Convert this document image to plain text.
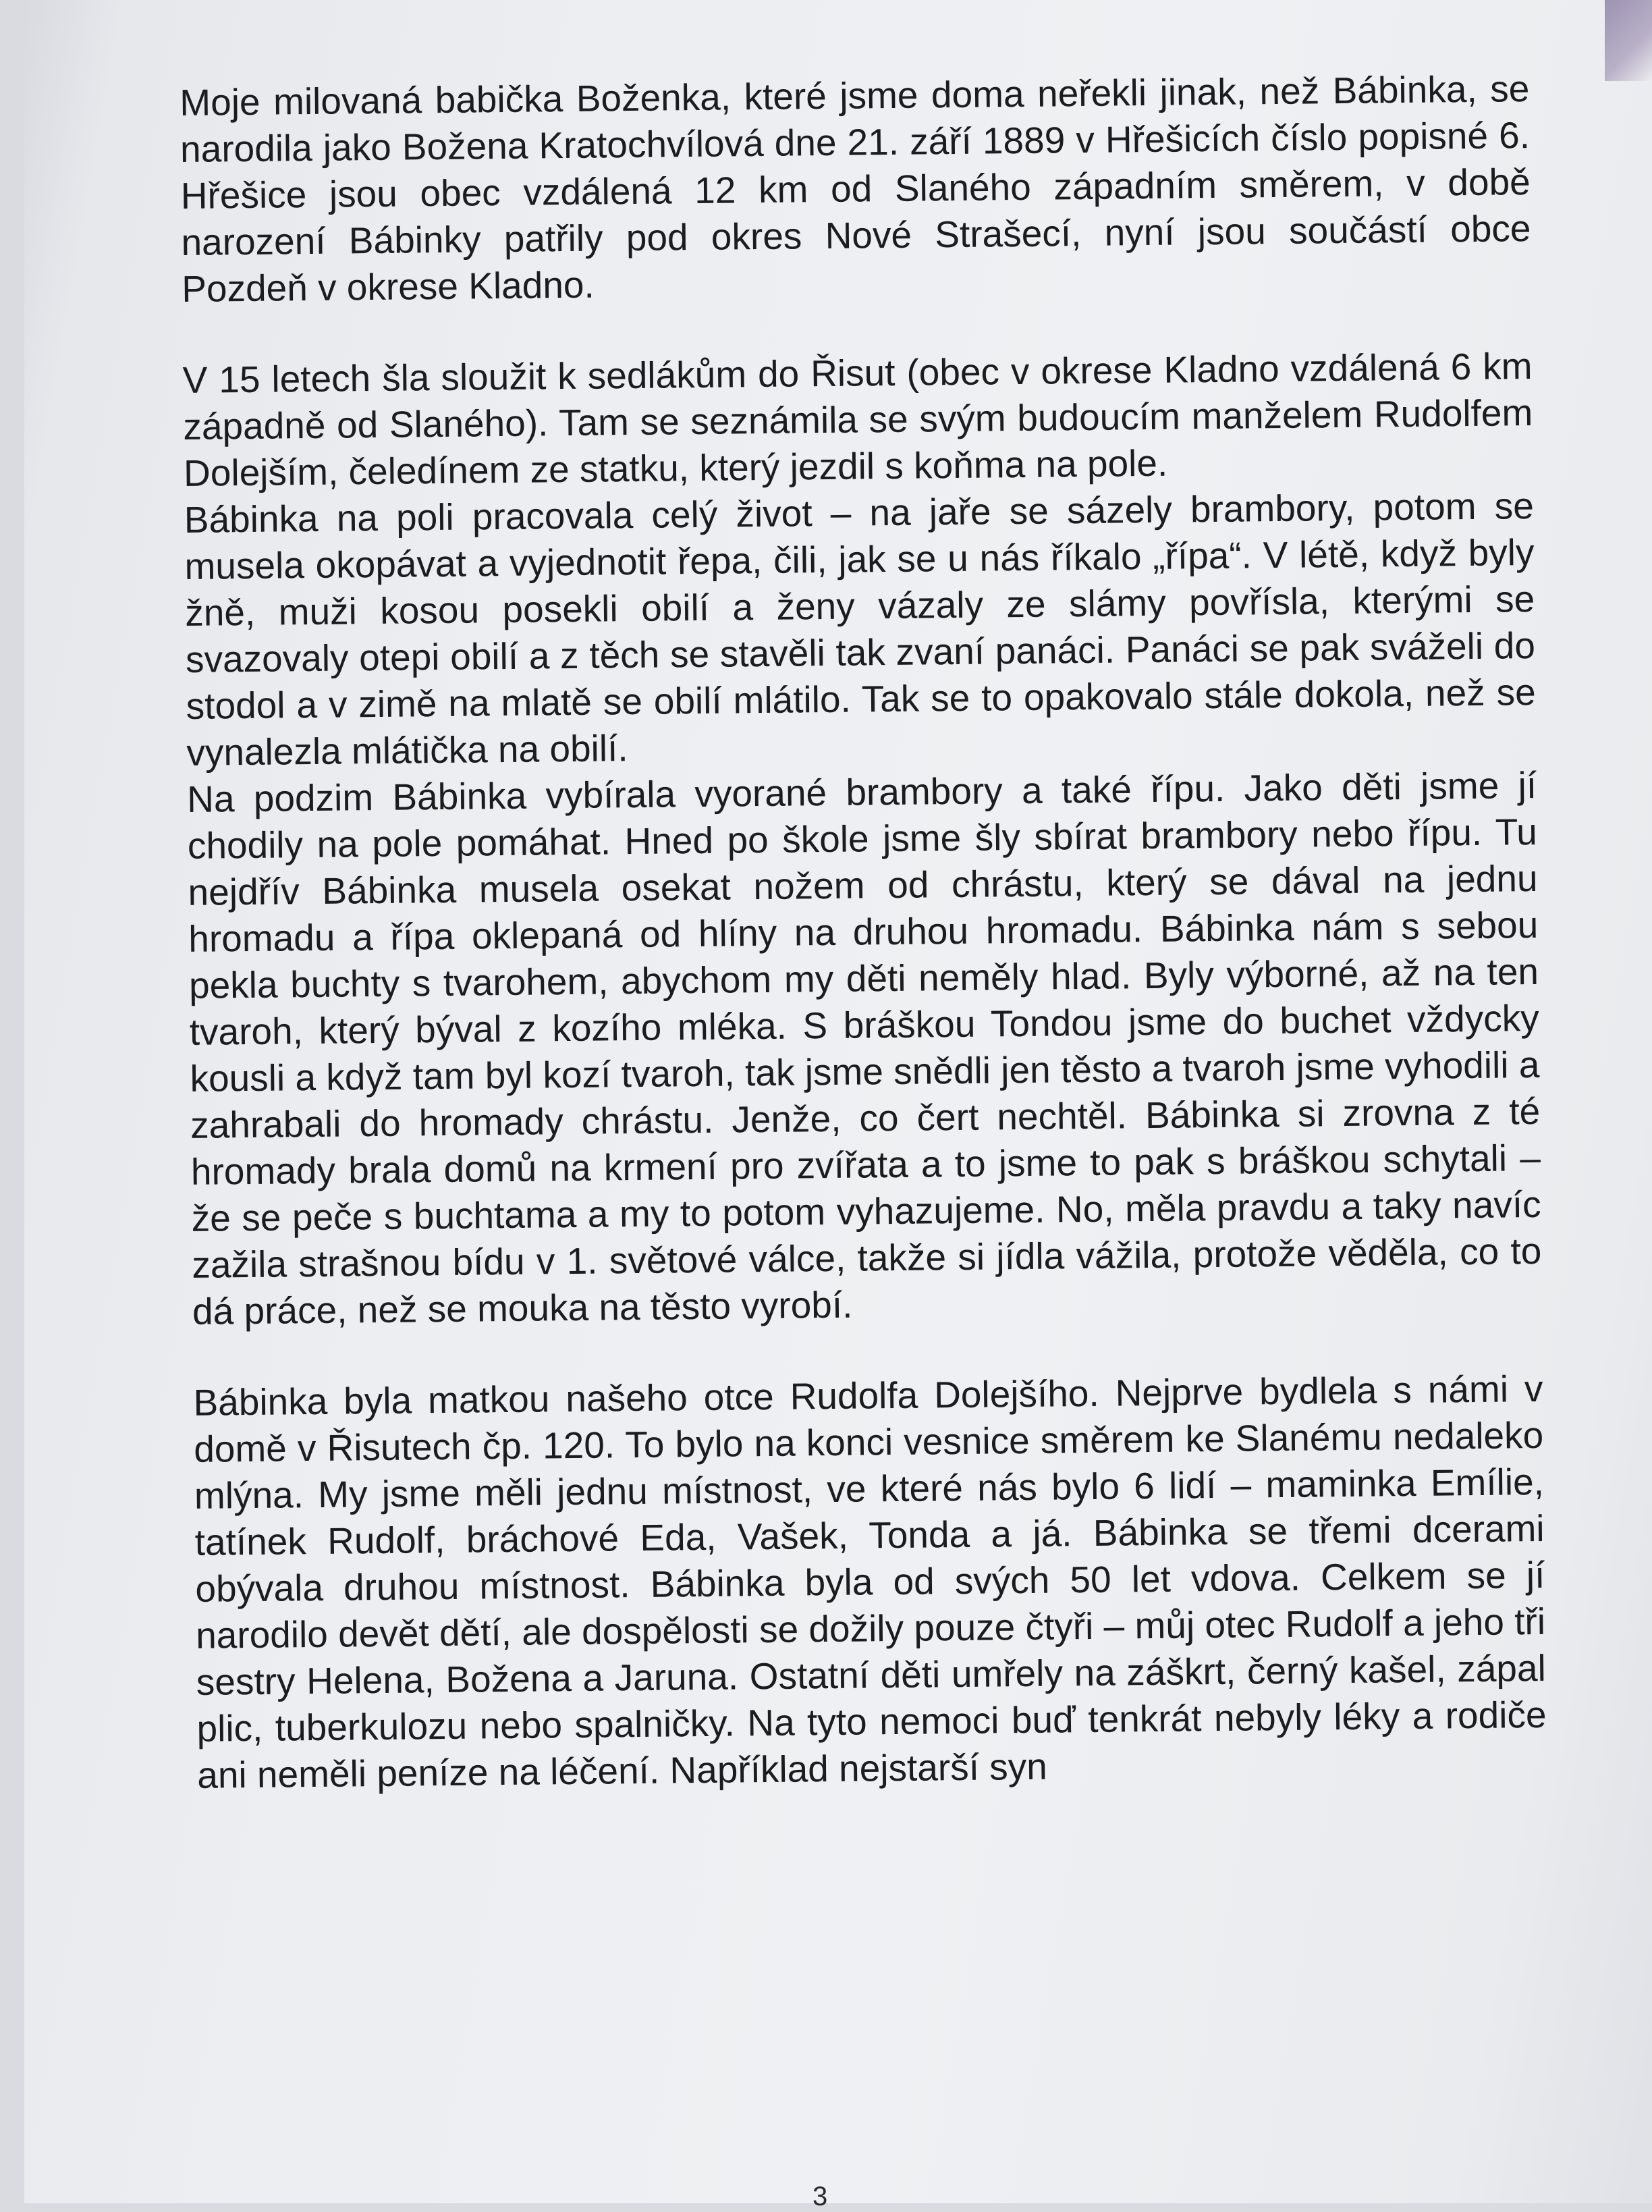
Moje milovaná babička Boženka, které jsme doma neřekli jinak, než Bábinka, se narodila jako Božena Kratochvílová dne 21. září 1889 v Hřešicích číslo popisné 6. Hřešice jsou obec vzdálená 12 km od Slaného západním směrem, v době narození Bábinky patřily pod okres Nové Strašecí, nyní jsou součástí obce Pozdeň v okrese Kladno.

V 15 letech šla sloužit k sedlákům do Řisut (obec v okrese Kladno vzdálená 6 km západně od Slaného). Tam se seznámila se svým budoucím manželem Rudolfem Dolejším, čeledínem ze statku, který jezdil s koňma na pole.

Bábinka na poli pracovala celý život – na jaře se sázely brambory, potom se musela okopávat a vyjednotit řepa, čili, jak se u nás říkalo „řípa“. V létě, když byly žně, muži kosou posekli obilí a ženy vázaly ze slámy povřísla, kterými se svazovaly otepi obilí a z těch se stavěli tak zvaní panáci. Panáci se pak sváželi do stodol a v zimě na mlatě se obilí mlátilo. Tak se to opakovalo stále dokola, než se vynalezla mlátička na obilí.

Na podzim Bábinka vybírala vyorané brambory a také řípu. Jako děti jsme jí chodily na pole pomáhat. Hned po škole jsme šly sbírat brambory nebo řípu. Tu nejdřív Bábinka musela osekat nožem od chrástu, který se dával na jednu hromadu a řípa oklepaná od hlíny na druhou hromadu. Bábinka nám s sebou pekla buchty s tvarohem, abychom my děti neměly hlad. Byly výborné, až na ten tvaroh, který býval z kozího mléka. S bráškou Tondou jsme do buchet vždycky kousli a když tam byl kozí tvaroh, tak jsme snědli jen těsto a tvaroh jsme vyhodili a zahrabali do hromady chrástu. Jenže, co čert nechtěl. Bábinka si zrovna z té hromady brala domů na krmení pro zvířata a to jsme to pak s bráškou schytali – že se peče s buchtama a my to potom vyhazujeme. No, měla pravdu a taky navíc zažila strašnou bídu v 1. světové válce, takže si jídla vážila, protože věděla, co to dá práce, než se mouka na těsto vyrobí.

Bábinka byla matkou našeho otce Rudolfa Dolejšího. Nejprve bydlela s námi v domě v Řisutech čp. 120. To bylo na konci vesnice směrem ke Slanému nedaleko mlýna. My jsme měli jednu místnost, ve které nás bylo 6 lidí – maminka Emílie, tatínek Rudolf, bráchové Eda, Vašek, Tonda a já. Bábinka se třemi dcerami obývala druhou místnost. Bábinka byla od svých 50 let vdova. Celkem se jí narodilo devět dětí, ale dospělosti se dožily pouze čtyři – můj otec Rudolf a jeho tři sestry Helena, Božena a Jaruna. Ostatní děti umřely na záškrt, černý kašel, zápal plic, tuberkulozu nebo spalničky. Na tyto nemoci buď tenkrát nebyly léky a rodiče ani neměli peníze na léčení. Například nejstarší syn

3
